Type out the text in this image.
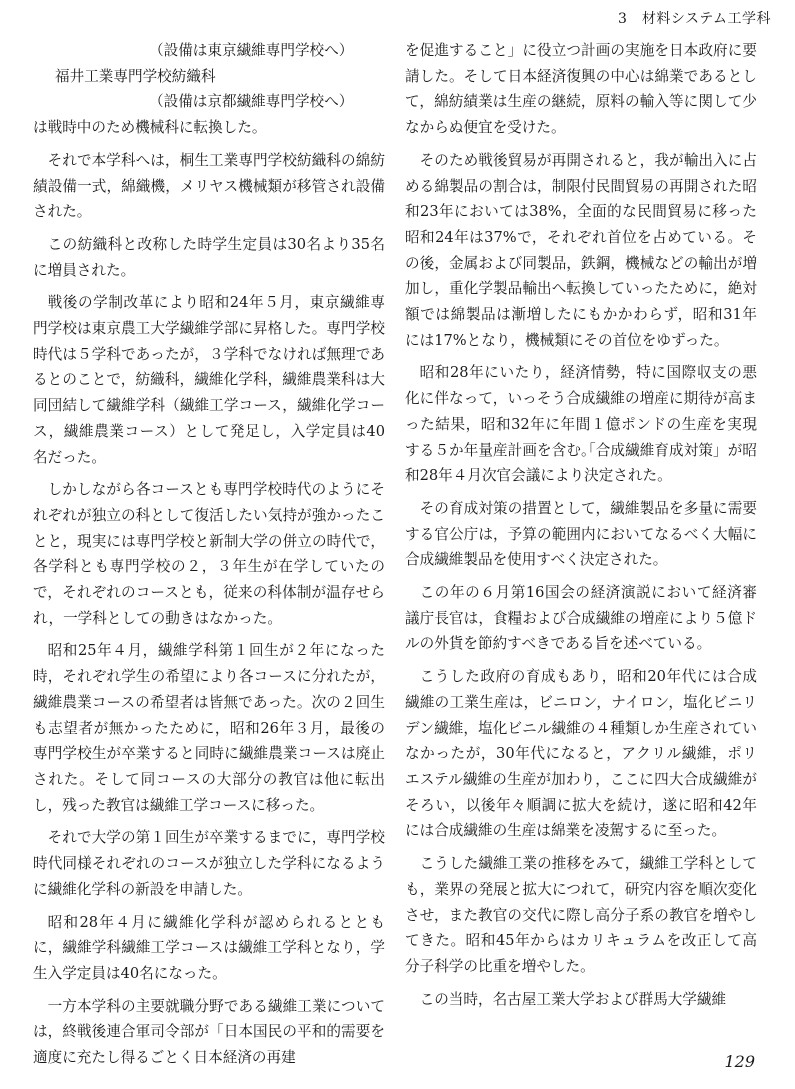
3　材料システム工学科
（設備は東京繊維専門学校へ）
福井工業専門学校紡織科
（設備は京都繊維専門学校へ）
は戦時中のため機械科に転換した。

それで本学科へは，桐生工業専門学校紡織科の綿紡績設備一式，綿織機，メリヤス機械類が移管され設備された。

この紡織科と改称した時学生定員は30名より35名に増員された。

戦後の学制改革により昭和24年５月，東京繊維専門学校は東京農工大学繊維学部に昇格した。専門学校時代は５学科であったが，３学科でなければ無理であるとのことで，紡織科，繊維化学科，繊維農業科は大同団結して繊維学科（繊維工学コース，繊維化学コース，繊維農業コース）として発足し，入学定員は40名だった。

しかしながら各コースとも専門学校時代のようにそれぞれが独立の科として復活したい気持が強かったことと，現実には専門学校と新制大学の併立の時代で，各学科とも専門学校の２，３年生が在学していたので，それぞれのコースとも，従来の科体制が温存せられ，一学科としての動きはなかった。

昭和25年４月，繊維学科第１回生が２年になった時，それぞれ学生の希望により各コースに分れたが，繊維農業コースの希望者は皆無であった。次の２回生も志望者が無かったために，昭和26年３月，最後の専門学校生が卒業すると同時に繊維農業コースは廃止された。そして同コースの大部分の教官は他に転出し，残った教官は繊維工学コースに移った。

それで大学の第１回生が卒業するまでに，専門学校時代同様それぞれのコースが独立した学科になるように繊維化学科の新設を申請した。

昭和28年４月に繊維化学科が認められるとともに，繊維学科繊維工学コースは繊維工学科となり，学生入学定員は40名になった。

一方本学科の主要就職分野である繊維工業については，終戦後連合軍司令部が「日本国民の平和的需要を適度に充たし得るごとく日本経済の再建

を促進すること」に役立つ計画の実施を日本政府に要請した。そして日本経済復興の中心は綿業であるとして，綿紡績業は生産の継続，原料の輸入等に関して少なからぬ便宜を受けた。

そのため戦後貿易が再開されると，我が輸出入に占める綿製品の割合は，制限付民間貿易の再開された昭和23年においては38%，全面的な民間貿易に移った昭和24年は37%で，それぞれ首位を占めている。その後，金属および同製品，鉄鋼，機械などの輸出が増加し，重化学製品輸出へ転換していったために，絶対額では綿製品は漸増したにもかかわらず，昭和31年には17%となり，機械類にその首位をゆずった。

昭和28年にいたり，経済情勢，特に国際収支の悪化に伴なって，いっそう合成繊維の増産に期待が高まった結果，昭和32年に年間１億ポンドの生産を実現する５か年量産計画を含む｡｢合成繊維育成対策」が昭和28年４月次官会議により決定された。

その育成対策の措置として，繊維製品を多量に需要する官公庁は，予算の範囲内においてなるべく大幅に合成繊維製品を使用すべく決定された。

この年の６月第16国会の経済演説において経済審議庁長官は，食糧および合成繊維の増産により５億ドルの外貨を節約すべきである旨を述べている。

こうした政府の育成もあり，昭和20年代には合成繊維の工業生産は，ビニロン，ナイロン，塩化ビニリデン繊維，塩化ビニル繊維の４種類しか生産されていなかったが，30年代になると，アクリル繊維，ポリエステル繊維の生産が加わり，ここに四大合成繊維がそろい，以後年々順調に拡大を続け，遂に昭和42年には合成繊維の生産は綿業を凌駕するに至った。

こうした繊維工業の推移をみて，繊維工学科としても，業界の発展と拡大につれて，研究内容を順次変化させ，また教官の交代に際し高分子系の教官を増やしてきた。昭和45年からはカリキュラムを改正して高分子科学の比重を増やした。

この当時，名古屋工業大学および群馬大学繊維

129
